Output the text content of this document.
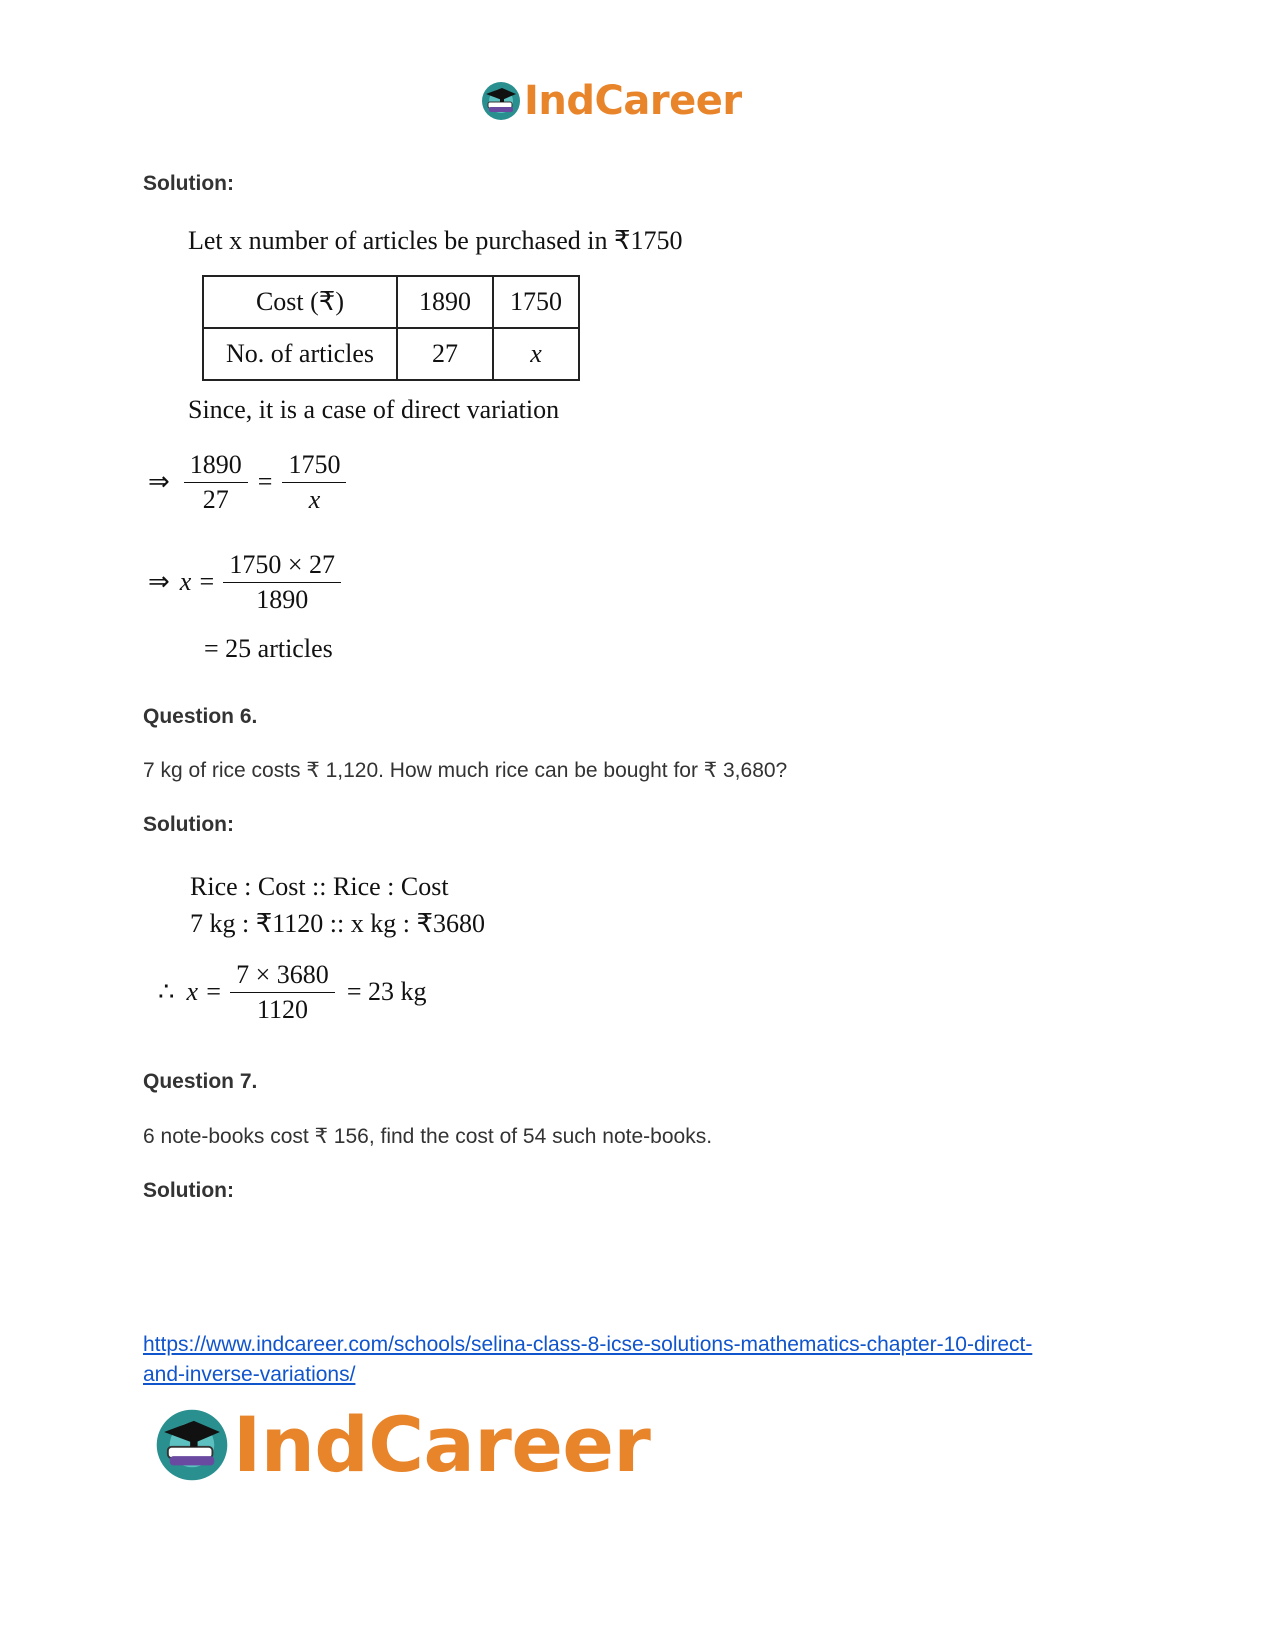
IndCareer
Solution:
Let x number of articles be purchased in ₹1750
Cost (₹)	1890	1750
No. of articles	27	x
Since, it is a case of direct variation
⇒ $\frac{1890}{27} = \frac{1750}{x}$
⇒ $x = \frac{1750 \times 27}{1890}$
= 25 articles
Question 6.
7 kg of rice costs ₹ 1,120. How much rice can be bought for ₹ 3,680?
Solution:
Rice : Cost :: Rice : Cost
7 kg : ₹1120 :: x kg : ₹3680
∴ $x = \frac{7 \times 3680}{1120} = 23$ kg
Question 7.
6 note-books cost ₹ 156, find the cost of 54 such note-books.
Solution:
https://www.indcareer.com/schools/selina-class-8-icse-solutions-mathematics-chapter-10-direct-
and-inverse-variations/
IndCareer
